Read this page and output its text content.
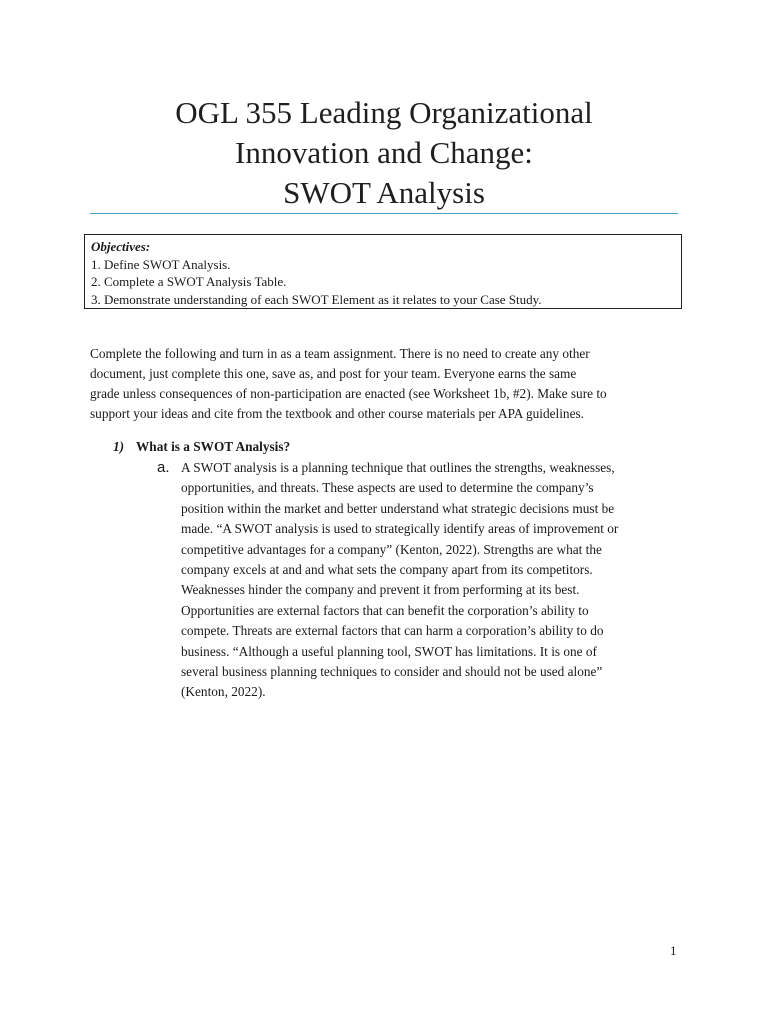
OGL 355 Leading Organizational
Innovation and Change:
SWOT Analysis
Objectives:
1. Define SWOT Analysis.
2. Complete a SWOT Analysis Table.
3. Demonstrate understanding of each SWOT Element as it relates to your Case Study.
Complete the following and turn in as a team assignment. There is no need to create any other
document, just complete this one, save as, and post for your team. Everyone earns the same
grade unless consequences of non-participation are enacted (see Worksheet 1b, #2). Make sure to
support your ideas and cite from the textbook and other course materials per APA guidelines.
1) What is a SWOT Analysis?
a. A SWOT analysis is a planning technique that outlines the strengths, weaknesses,
opportunities, and threats. These aspects are used to determine the company’s
position within the market and better understand what strategic decisions must be
made. “A SWOT analysis is used to strategically identify areas of improvement or
competitive advantages for a company” (Kenton, 2022). Strengths are what the
company excels at and and what sets the company apart from its competitors.
Weaknesses hinder the company and prevent it from performing at its best.
Opportunities are external factors that can benefit the corporation’s ability to
compete. Threats are external factors that can harm a corporation’s ability to do
business. “Although a useful planning tool, SWOT has limitations. It is one of
several business planning techniques to consider and should not be used alone”
(Kenton, 2022).
1
